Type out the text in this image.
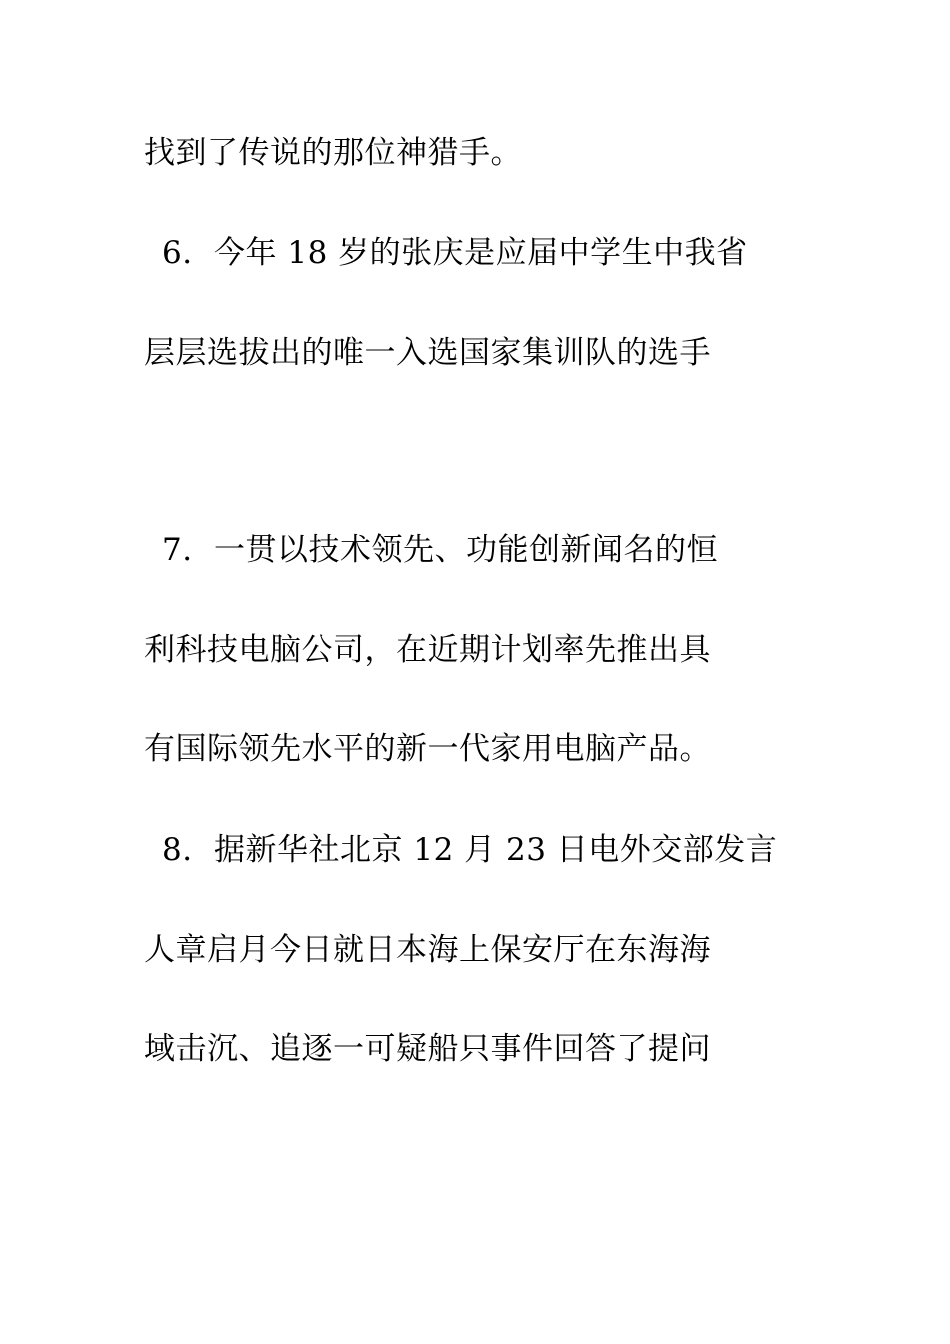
找到了传说的那位神猎手。
6. 今年 18 岁的张庆是应届中学生中我省
层层选拔出的唯一入选国家集训队的选手
7. 一贯以技术领先、功能创新闻名的恒
利科技电脑公司，在近期计划率先推出具
有国际领先水平的新一代家用电脑产品。
8. 据新华社北京 12 月 23 日电外交部发言
人章启月今日就日本海上保安厅在东海海
域击沉、追逐一可疑船只事件回答了提问
